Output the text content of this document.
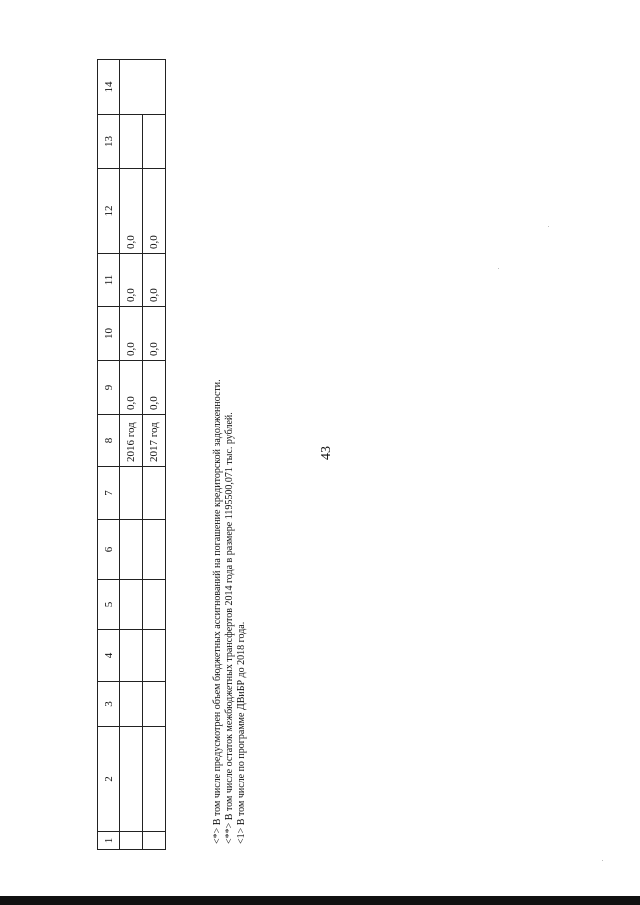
43
1	2	3	4	5	6	7	8	9	10	11	12	13	14
							2016 год	0,0	0,0	0,0	0,0		
							2017 год	0,0	0,0	0,0	0,0		
<*> В том числе предусмотрен объем бюджетных ассигнований на погашение кредиторской задолженности. <**> В том числе остаток межбюджетных трансфертов 2014 года в размере 1195500,071 тыс. рублей. <1> В том числе по программе ДВиБР до 2018 года.
